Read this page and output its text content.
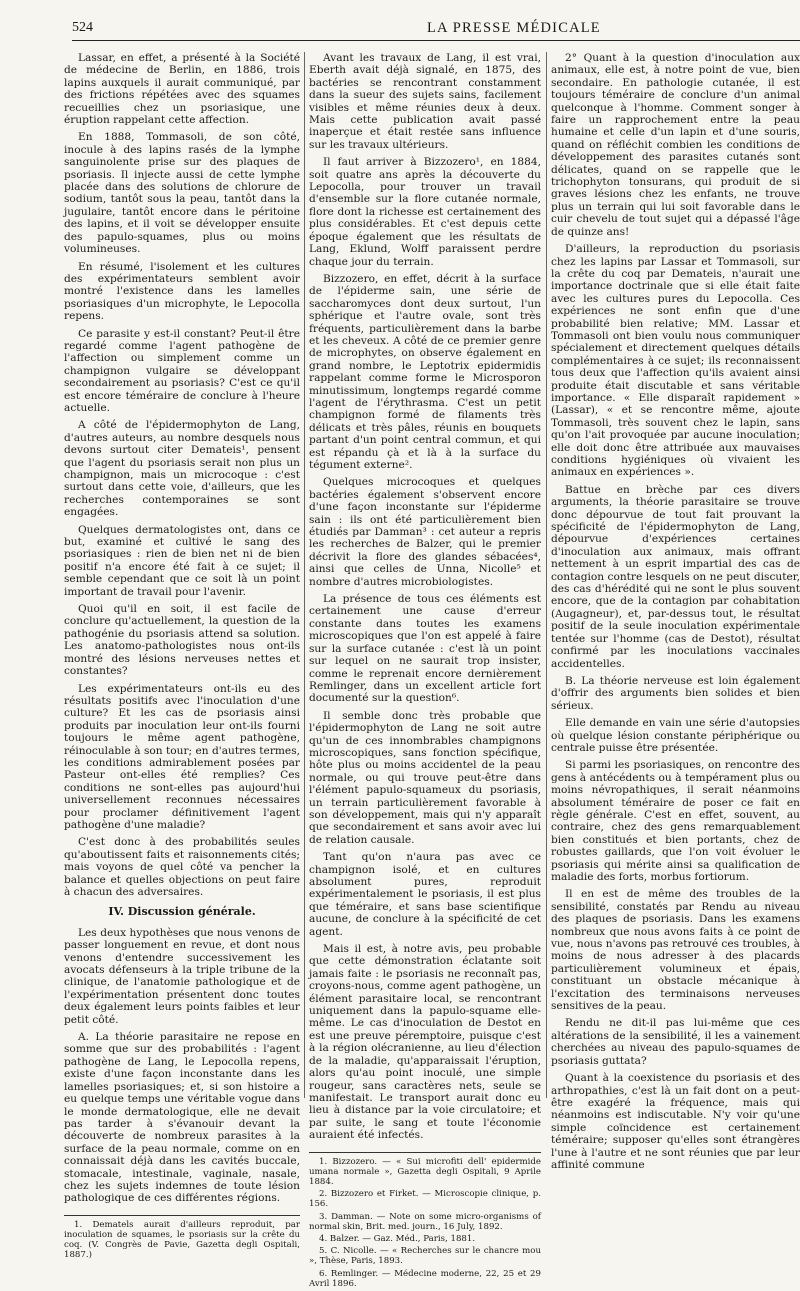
524	LA PRESSE MÉDICALE

Lassar, en effet, a présenté à la Société de médecine de Berlin, en 1886, trois lapins auxquels il aurait communiqué, par des frictions répétées avec des squames recueillies chez un psoriasique, une éruption rappelant cette affection.

En 1888, Tommasoli, de son côté, inocule à des lapins rasés de la lymphe sanguinolente prise sur des plaques de psoriasis. Il injecte aussi de cette lymphe placée dans des solutions de chlorure de sodium, tantôt sous la peau, tantôt dans la jugulaire, tantôt encore dans le péritoine des lapins, et il voit se développer ensuite des papulo-squames, plus ou moins volumineuses.

En résumé, l'isolement et les cultures des expérimentateurs semblent avoir montré l'existence dans les lamelles psoriasiques d'un microphyte, le Lepocolla repens.

Ce parasite y est-il constant? Peut-il être regardé comme l'agent pathogène de l'affection ou simplement comme un champignon vulgaire se développant secondairement au psoriasis? C'est ce qu'il est encore téméraire de conclure à l'heure actuelle.

A côté de l'épidermophyton de Lang, d'autres auteurs, au nombre desquels nous devons surtout citer Demateis¹, pensent que l'agent du psoriasis serait non plus un champignon, mais un microcoque : c'est surtout dans cette voie, d'ailleurs, que les recherches contemporaines se sont engagées.

Quelques dermatologistes ont, dans ce but, examiné et cultivé le sang des psoriasiques : rien de bien net ni de bien positif n'a encore été fait à ce sujet; il semble cependant que ce soit là un point important de travail pour l'avenir.

Quoi qu'il en soit, il est facile de conclure qu'actuellement, la question de la pathogénie du psoriasis attend sa solution. Les anatomo-pathologistes nous ont-ils montré des lésions nerveuses nettes et constantes?

Les expérimentateurs ont-ils eu des résultats positifs avec l'inoculation d'une culture? Et les cas de psoriasis ainsi produits par inoculation leur ont-ils fourni toujours le même agent pathogène, réinoculable à son tour; en d'autres termes, les conditions admirablement posées par Pasteur ont-elles été remplies? Ces conditions ne sont-elles pas aujourd'hui universellement reconnues nécessaires pour proclamer définitivement l'agent pathogène d'une maladie?

C'est donc à des probabilités seules qu'aboutissent faits et raisonnements cités; mais voyons de quel côté va pencher la balance et quelles objections on peut faire à chacun des adversaires.

IV. Discussion générale.

Les deux hypothèses que nous venons de passer longuement en revue, et dont nous venons d'entendre successivement les avocats défenseurs à la triple tribune de la clinique, de l'anatomie pathologique et de l'expérimentation présentent donc toutes deux également leurs points faibles et leur petit côté.

A. La théorie parasitaire ne repose en somme que sur des probabilités : l'agent pathogène de Lang, le Lepocolla repens, existe d'une façon inconstante dans les lamelles psoriasiques; et, si son histoire a eu quelque temps une véritable vogue dans le monde dermatologique, elle ne devait pas tarder à s'évanouir devant la découverte de nombreux parasites à la surface de la peau normale, comme on en connaissait déjà dans les cavités buccale, stomacale, intestinale, vaginale, nasale, chez les sujets indemnes de toute lésion pathologique de ces différentes régions.

1. Dematels aurait d'ailleurs reproduit, par inoculation de squames, le psoriasis sur la crête du coq. (V. Congrès de Pavie, Gazetta degli Ospitali, 1887.)

Avant les travaux de Lang, il est vrai, Eberth avait déjà signalé, en 1875, des bactéries se rencontrant constamment dans la sueur des sujets sains, facilement visibles et même réunies deux à deux. Mais cette publication avait passé inaperçue et était restée sans influence sur les travaux ultérieurs.

Il faut arriver à Bizzozero¹, en 1884, soit quatre ans après la découverte du Lepocolla, pour trouver un travail d'ensemble sur la flore cutanée normale, flore dont la richesse est certainement des plus considérables. Et c'est depuis cette époque également que les résultats de Lang, Eklund, Wolff paraissent perdre chaque jour du terrain.

Bizzozero, en effet, décrit à la surface de l'épiderme sain, une série de saccharomyces dont deux surtout, l'un sphérique et l'autre ovale, sont très fréquents, particulièrement dans la barbe et les cheveux. A côté de ce premier genre de microphytes, on observe également en grand nombre, le Leptotrix epidermidis rappelant comme forme le Microsporon minutissimum, longtemps regardé comme l'agent de l'érythrasma. C'est un petit champignon formé de filaments très délicats et très pâles, réunis en bouquets partant d'un point central commun, et qui est répandu çà et là à la surface du tégument externe².

Quelques microcoques et quelques bactéries également s'observent encore d'une façon inconstante sur l'épiderme sain : ils ont été particulièrement bien étudiés par Damman³ : cet auteur a repris les recherches de Balzer, qui le premier décrivit la flore des glandes sébacées⁴, ainsi que celles de Unna, Nicolle⁵ et nombre d'autres microbiologistes.

La présence de tous ces éléments est certainement une cause d'erreur constante dans toutes les examens microscopiques que l'on est appelé à faire sur la surface cutanée : c'est là un point sur lequel on ne saurait trop insister, comme le reprenait encore dernièrement Remlinger, dans un excellent article fort documenté sur la question⁶.

Il semble donc très probable que l'épidermophyton de Lang ne soit autre qu'un de ces innombrables champignons microscopiques, sans fonction spécifique, hôte plus ou moins accidentel de la peau normale, ou qui trouve peut-être dans l'élément papulo-squameux du psoriasis, un terrain particulièrement favorable à son développement, mais qui n'y apparaît que secondairement et sans avoir avec lui de relation causale.

Tant qu'on n'aura pas avec ce champignon isolé, et en cultures absolument pures, reproduit expérimentalement le psoriasis, il est plus que téméraire, et sans base scientifique aucune, de conclure à la spécificité de cet agent.

Mais il est, à notre avis, peu probable que cette démonstration éclatante soit jamais faite : le psoriasis ne reconnaît pas, croyons-nous, comme agent pathogène, un élément parasitaire local, se rencontrant uniquement dans la papulo-squame elle-même. Le cas d'inoculation de Destot en est une preuve péremptoire, puisque c'est à la région olécranienne, au lieu d'élection de la maladie, qu'apparaissait l'éruption, alors qu'au point inoculé, une simple rougeur, sans caractères nets, seule se manifestait. Le transport aurait donc eu lieu à distance par la voie circulatoire; et par suite, le sang et toute l'économie auraient été infectés.

1. Bizzozero. — « Sui microfiti dell' epidermide umana normale », Gazetta degli Ospitali, 9 Aprile 1884.
2. Bizzozero et Firket. — Microscopie clinique, p. 156.
3. Damman. — Note on some micro-organisms of normal skin, Brit. med. journ., 16 July, 1892.
4. Balzer. — Gaz. Méd., Paris, 1881.
5. C. Nicolle. — « Recherches sur le chancre mou », Thèse, Paris, 1893.
6. Remlinger. — Médecine moderne, 22, 25 et 29 Avril 1896.

2° Quant à la question d'inoculation aux animaux, elle est, à notre point de vue, bien secondaire. En pathologie cutanée, il est toujours téméraire de conclure d'un animal quelconque à l'homme. Comment songer à faire un rapprochement entre la peau humaine et celle d'un lapin et d'une souris, quand on réfléchit combien les conditions de développement des parasites cutanés sont délicates, quand on se rappelle que le trichophyton tonsurans, qui produit de si graves lésions chez les enfants, ne trouve plus un terrain qui lui soit favorable dans le cuir chevelu de tout sujet qui a dépassé l'âge de quinze ans!

D'ailleurs, la reproduction du psoriasis chez les lapins par Lassar et Tommasoli, sur la crête du coq par Demateis, n'aurait une importance doctrinale que si elle était faite avec les cultures pures du Lepocolla. Ces expériences ne sont enfin que d'une probabilité bien relative; MM. Lassar et Tommasoli ont bien voulu nous communiquer spécialement et directement quelques détails complémentaires à ce sujet; ils reconnaissent tous deux que l'affection qu'ils avaient ainsi produite était discutable et sans véritable importance. « Elle disparaît rapidement » (Lassar), « et se rencontre même, ajoute Tommasoli, très souvent chez le lapin, sans qu'on l'ait provoquée par aucune inoculation; elle doit donc être attribuée aux mauvaises conditions hygiéniques où vivaient les animaux en expériences ».

Battue en brèche par ces divers arguments, la théorie parasitaire se trouve donc dépourvue de tout fait prouvant la spécificité de l'épidermophyton de Lang, dépourvue d'expériences certaines d'inoculation aux animaux, mais offrant nettement à un esprit impartial des cas de contagion contre lesquels on ne peut discuter, des cas d'hérédité qui ne sont le plus souvent encore, que de la contagion par cohabitation (Augagneur), et, par-dessus tout, le résultat positif de la seule inoculation expérimentale tentée sur l'homme (cas de Destot), résultat confirmé par les inoculations vaccinales accidentelles.

B. La théorie nerveuse est loin également d'offrir des arguments bien solides et bien sérieux.

Elle demande en vain une série d'autopsies où quelque lésion constante périphérique ou centrale puisse être présentée.

Si parmi les psoriasiques, on rencontre des gens à antécédents ou à tempérament plus ou moins névropathiques, il serait néanmoins absolument téméraire de poser ce fait en règle générale. C'est en effet, souvent, au contraire, chez des gens remarquablement bien constitués et bien portants, chez de robustes gaillards, que l'on voit évoluer le psoriasis qui mérite ainsi sa qualification de maladie des forts, morbus fortiorum.

Il en est de même des troubles de la sensibilité, constatés par Rendu au niveau des plaques de psoriasis. Dans les examens nombreux que nous avons faits à ce point de vue, nous n'avons pas retrouvé ces troubles, à moins de nous adresser à des placards particulièrement volumineux et épais, constituant un obstacle mécanique à l'excitation des terminaisons nerveuses sensitives de la peau.

Rendu ne dit-il pas lui-même que ces altérations de la sensibilité, il les a vainement cherchées au niveau des papulo-squames de psoriasis guttata?

Quant à la coexistence du psoriasis et des arthropathies, c'est là un fait dont on a peut-être exagéré la fréquence, mais qui néanmoins est indiscutable. N'y voir qu'une simple coïncidence est certainement téméraire; supposer qu'elles sont étrangères l'une à l'autre et ne sont réunies que par leur affinité commune
